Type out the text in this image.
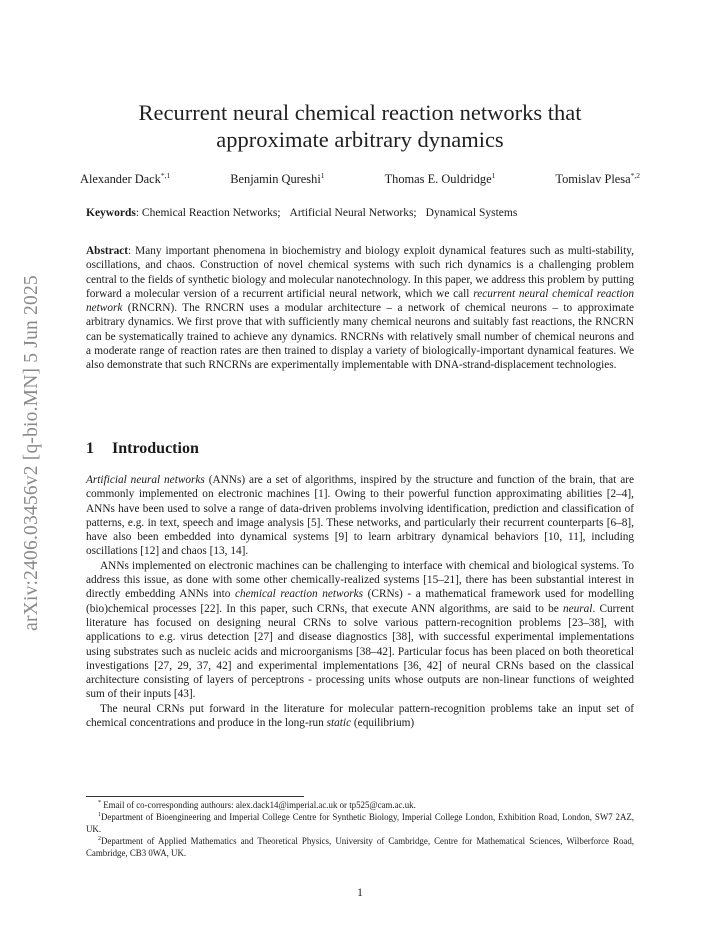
arXiv:2406.03456v2 [q-bio.MN] 5 Jun 2025
Recurrent neural chemical reaction networks that
approximate arbitrary dynamics
Alexander Dack$^{*,1}$	Benjamin Qureshi$^1$	Thomas E. Ouldridge$^1$	Tomislav Plesa$^{*,2}$
Keywords: Chemical Reaction Networks; Artificial Neural Networks; Dynamical Systems
Abstract: Many important phenomena in biochemistry and biology exploit dynamical features such as multi-stability, oscillations, and chaos. Construction of novel chemical systems with such rich dynamics is a challenging problem central to the fields of synthetic biology and molecular nanotechnology. In this paper, we address this problem by putting forward a molecular version of a recurrent artificial neural network, which we call recurrent neural chemical reaction network (RNCRN). The RNCRN uses a modular architecture – a network of chemical neurons – to approximate arbitrary dynamics. We first prove that with sufficiently many chemical neurons and suitably fast reactions, the RNCRN can be systematically trained to achieve any dynamics. RNCRNs with relatively small number of chemical neurons and a moderate range of reaction rates are then trained to display a variety of biologically-important dynamical features. We also demonstrate that such RNCRNs are experimentally implementable with DNA-strand-displacement technologies.
1 Introduction

Artificial neural networks (ANNs) are a set of algorithms, inspired by the structure and function of the brain, that are commonly implemented on electronic machines [1]. Owing to their powerful function approximating abilities [2–4], ANNs have been used to solve a range of data-driven problems involving identification, prediction and classification of patterns, e.g. in text, speech and image analysis [5]. These networks, and particularly their recurrent counterparts [6–8], have also been embedded into dynamical systems [9] to learn arbitrary dynamical behaviors [10, 11], including oscillations [12] and chaos [13, 14].

ANNs implemented on electronic machines can be challenging to interface with chemical and biological systems. To address this issue, as done with some other chemically-realized systems [15–21], there has been substantial interest in directly embedding ANNs into chemical reaction networks (CRNs) - a mathematical framework used for modelling (bio)chemical processes [22]. In this paper, such CRNs, that execute ANN algorithms, are said to be neural. Current literature has focused on designing neural CRNs to solve various pattern-recognition problems [23–38], with applications to e.g. virus detection [27] and disease diagnostics [38], with successful experimental implementations using substrates such as nucleic acids and microorganisms [38–42]. Particular focus has been placed on both theoretical investigations [27, 29, 37, 42] and experimental implementations [36, 42] of neural CRNs based on the classical architecture consisting of layers of perceptrons - processing units whose outputs are non-linear functions of weighted sum of their inputs [43].

The neural CRNs put forward in the literature for molecular pattern-recognition problems take an input set of chemical concentrations and produce in the long-run static (equilibrium)

* Email of co-corresponding authours: alex.dack14@imperial.ac.uk or tp525@cam.ac.uk.
$^1$Department of Bioengineering and Imperial College Centre for Synthetic Biology, Imperial College London, Exhibition Road, London, SW7 2AZ, UK.
$^2$Department of Applied Mathematics and Theoretical Physics, University of Cambridge, Centre for Mathematical Sciences, Wilberforce Road, Cambridge, CB3 0WA, UK.
1
